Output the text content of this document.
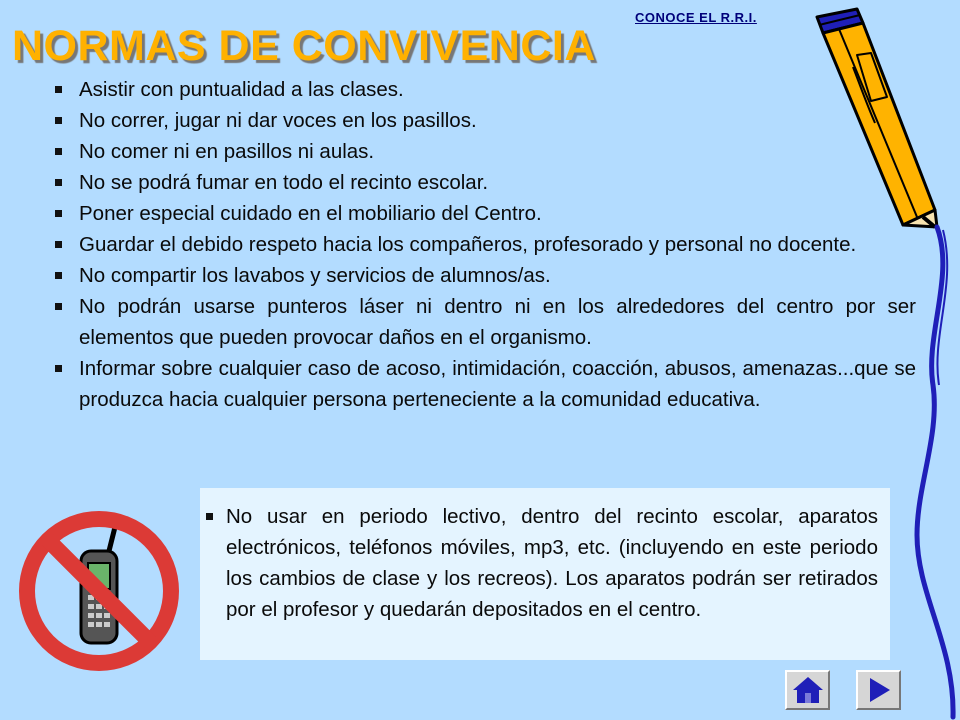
CONOCE EL R.R.I.
NORMAS DE CONVIVENCIA
Asistir con puntualidad a las clases.
No correr, jugar ni dar voces en los pasillos.
No comer ni en pasillos ni aulas.
No se podrá fumar en todo el recinto escolar.
Poner especial cuidado en el mobiliario del Centro.
Guardar el debido respeto hacia los compañeros, profesorado y personal no docente.
No compartir los lavabos y servicios de alumnos/as.
No podrán usarse punteros láser ni dentro ni en los alrededores del centro por ser elementos que pueden provocar daños en el organismo.
Informar sobre cualquier caso de acoso, intimidación, coacción, abusos, amenazas...que se produzca hacia cualquier persona perteneciente a la comunidad educativa.

No usar en periodo lectivo, dentro del recinto escolar, aparatos electrónicos, teléfonos móviles, mp3, etc. (incluyendo en este periodo los cambios de clase y los recreos). Los aparatos podrán ser retirados por el profesor y quedarán depositados en el centro.
